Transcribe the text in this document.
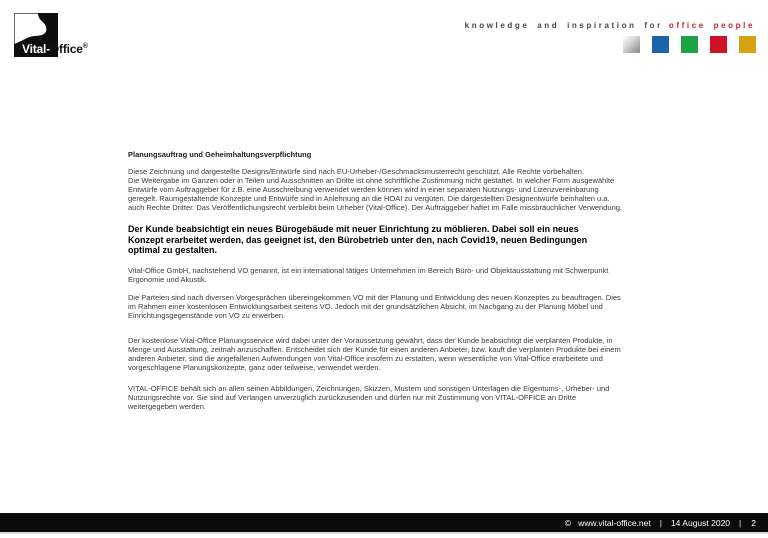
Vital-Office®
knowledge and inspiration for office people
Planungsauftrag und Geheimhaltungsverpflichtung
Diese Zeichnung und dargestellte Designs/Entwürfe sind nach EU-Urheber-/Geschmacksmusterrecht geschützt. Alle Rechte vorbehalten.
Die Weitergabe im Ganzen oder in Teilen und Ausschnitten an Dritte ist ohne schriftliche Zustimmung nicht gestattet. In welcher Form ausgewählte
Entwürfe vom Auftraggeber für z.B. eine Ausschreibung verwendet werden können wird in einer separaten Nutzungs- und Lizenzvereinbarung
geregelt. Raumgestaltende Konzepte und Entwürfe sind in Anlehnung an die HOAI zu vergüten. Die dargestellten Designentwürfe beinhalten u.a.
auch Rechte Dritter. Das Veröffentlichungsrecht verbleibt beim Urheber (Vital-Office). Der Auftraggeber haftet im Falle missbräuchlicher Verwendung.
Der Kunde beabsichtigt ein neues Bürogebäude mit neuer Einrichtung zu möblieren. Dabei soll ein neues
Konzept erarbeitet werden, das geeignet ist, den Bürobetrieb unter den, nach Covid19, neuen Bedingungen
optimal zu gestalten.
Vital-Office GmbH, nachstehend VO genannt, ist ein international tätiges Unternehmen im Bereich Büro- und Objektausstattung mit Schwerpunkt
Ergonomie und Akustik.
Die Parteien sind nach diversen Vorgesprächen übereingekommen VO mit der Planung und Entwicklung des neuen Konzeptes zu beauftragen. Dies
im Rahmen einer kostenlosen Entwicklungsarbeit seitens VO. Jedoch mit der grundsätzlichen Absicht, im Nachgang zu der Planung Möbel und
Einrichtungsgegenstände von VO zu erwerben.
Der kostenlose Vital-Office Planungsservice wird dabei unter der Voraussetzung gewährt, dass der Kunde beabsichtigt die verplanten Produkte, in
Menge und Ausstattung, zeitnah anzuschaffen. Entscheidet sich der Kunde für einen anderen Anbieter, bzw. kauft die verplanten Produkte bei einem
anderen Anbieter, sind die angefallenen Aufwendungen von Vital-Office insofern zu erstatten, wenn wesentliche von Vital-Office erarbeitete und
vorgeschlagene Planungskonzepte, ganz oder teilweise, verwendet werden.
VITAL-OFFICE behält sich an allen seinen Abbildungen, Zeichnungen, Skizzen, Mustern und sonstigen Unterlagen die Eigentums-, Urheber- und
Nutzungsrechte vor. Sie sind auf Verlangen unverzüglich zurückzusenden und dürfen nur mit Zustimmung von VITAL-OFFICE an Dritte
weitergegeben werden.
© www.vital-office.net | 14 August 2020 | 2
